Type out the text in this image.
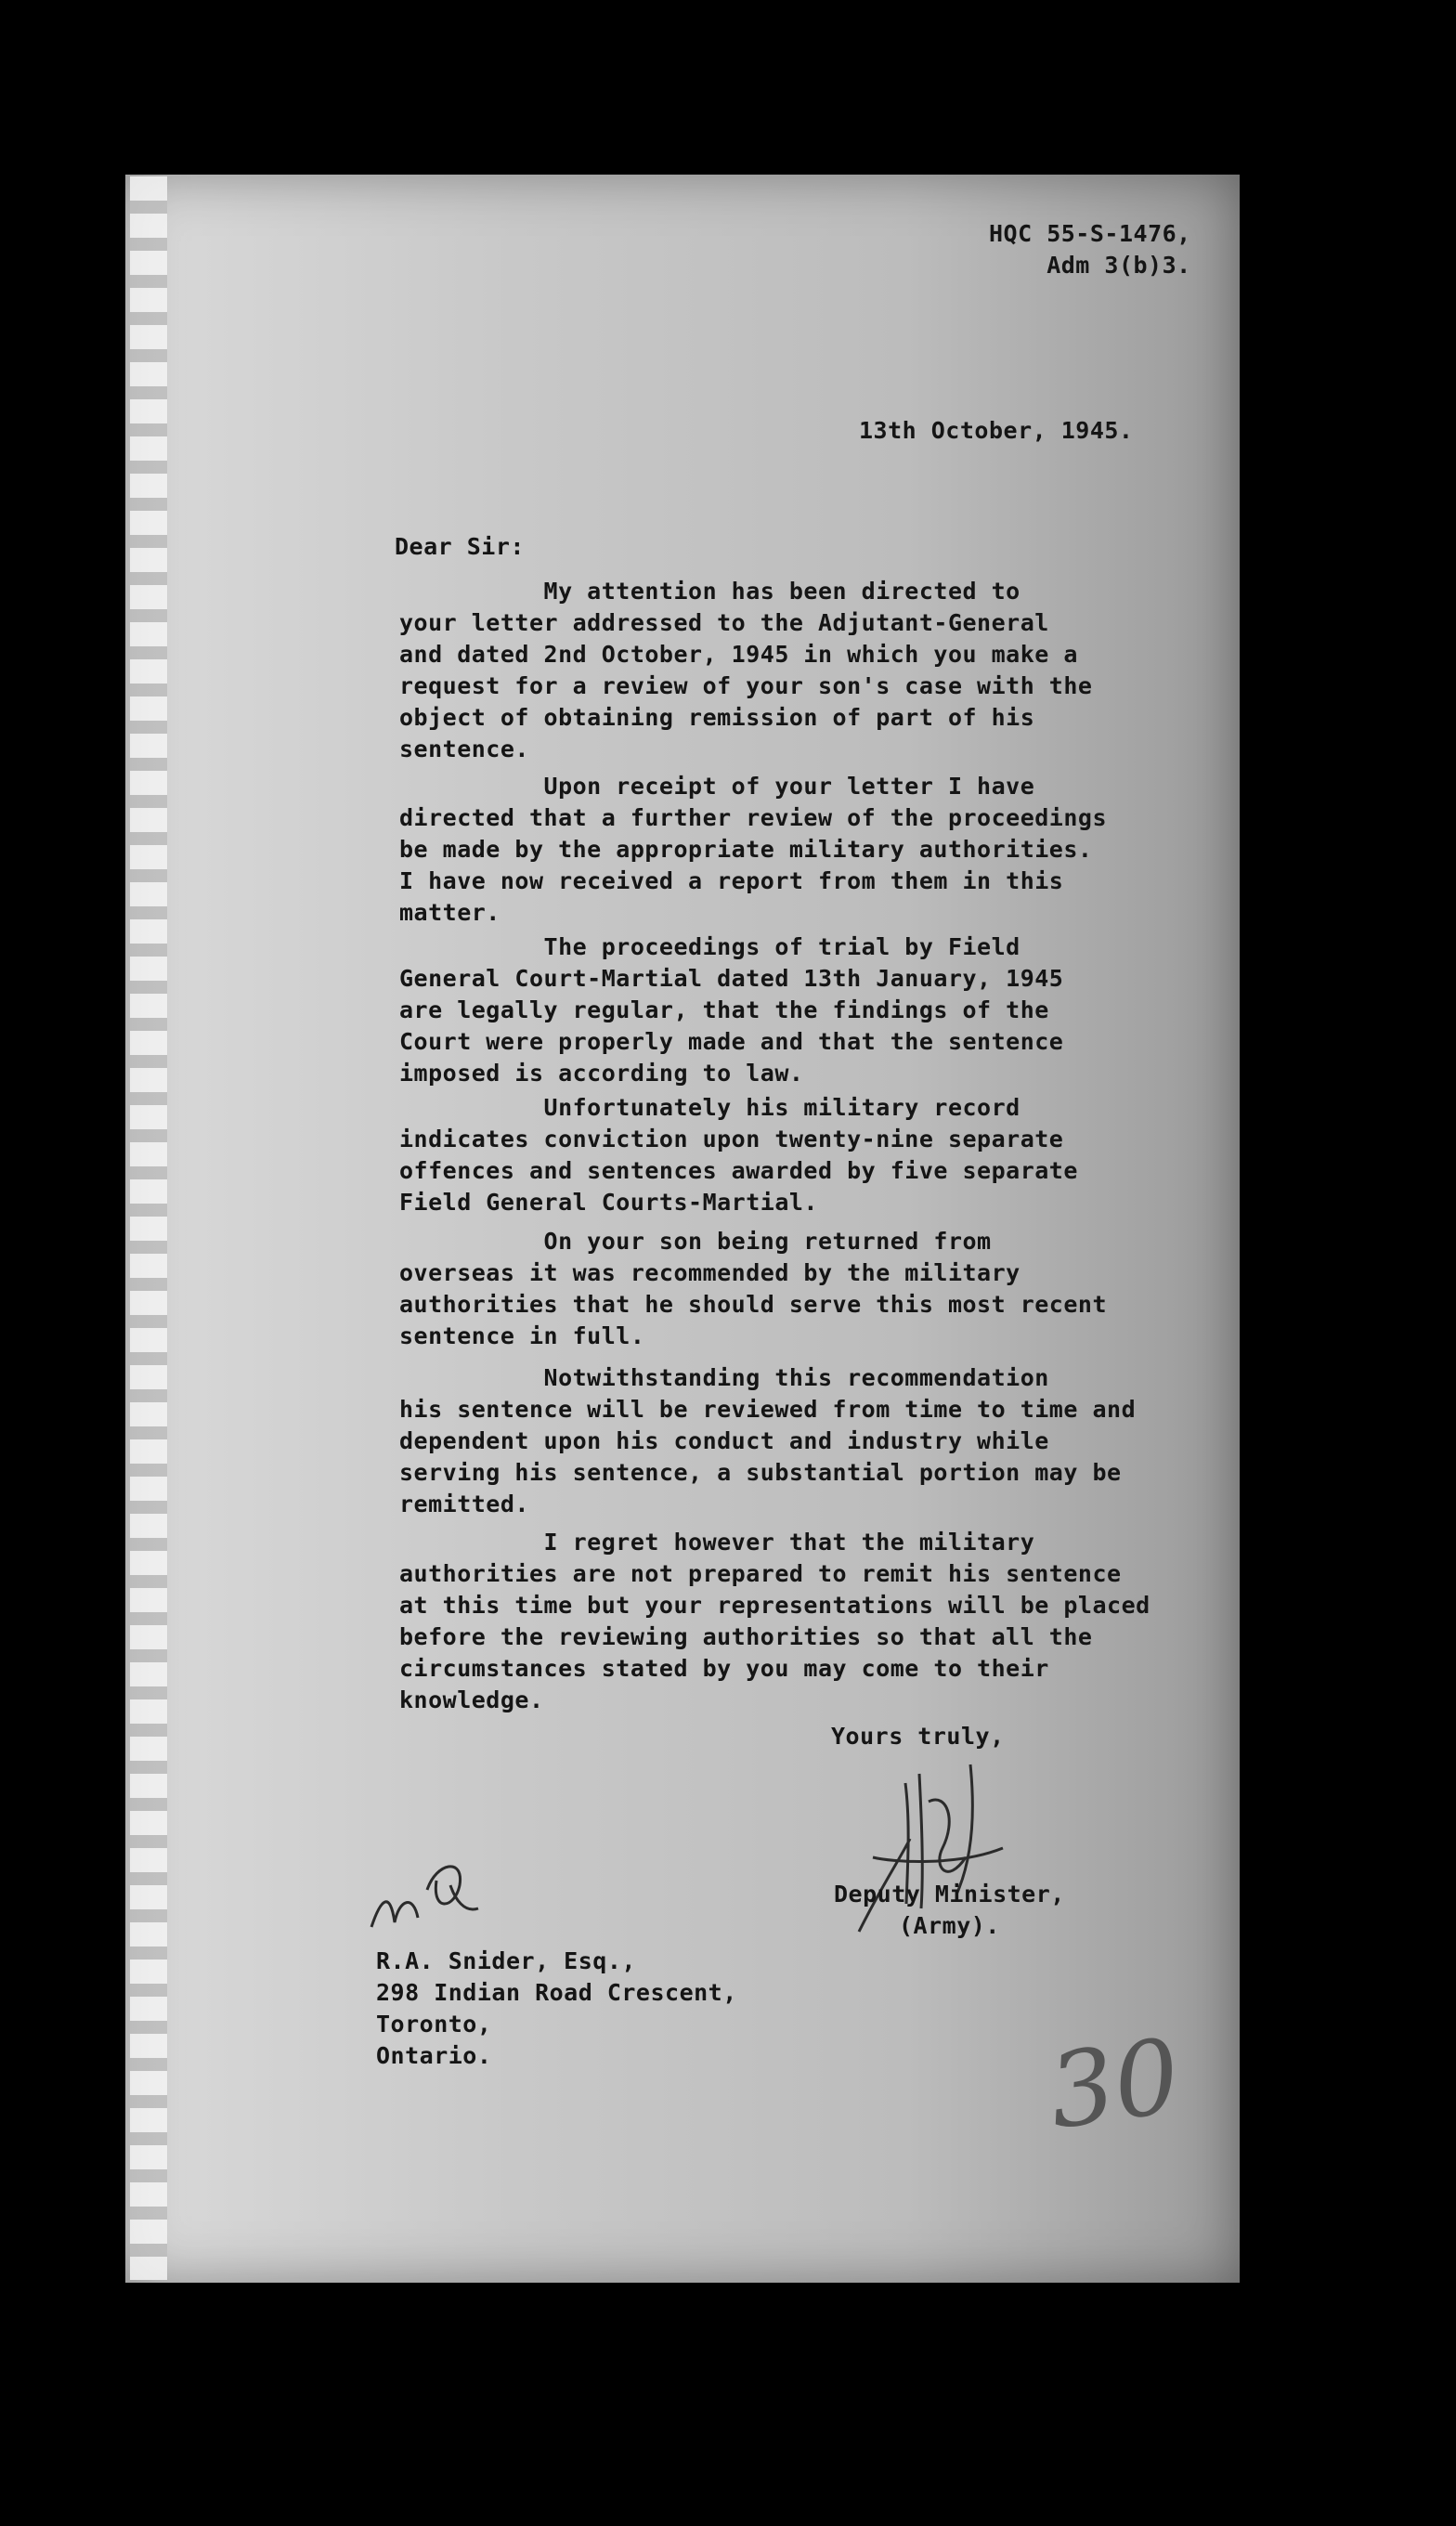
HQC 55-S-1476,
Adm 3(b)3.
13th October, 1945.
Dear Sir:
My attention has been directed to
your letter addressed to the Adjutant-General
and dated 2nd October, 1945 in which you make a
request for a review of your son's case with the
object of obtaining remission of part of his
sentence.
Upon receipt of your letter I have
directed that a further review of the proceedings
be made by the appropriate military authorities.
I have now received a report from them in this
matter.
The proceedings of trial by Field
General Court-Martial dated 13th January, 1945
are legally regular, that the findings of the
Court were properly made and that the sentence
imposed is according to law.
Unfortunately his military record
indicates conviction upon twenty-nine separate
offences and sentences awarded by five separate
Field General Courts-Martial.
On your son being returned from
overseas it was recommended by the military
authorities that he should serve this most recent
sentence in full.
Notwithstanding this recommendation
his sentence will be reviewed from time to time and
dependent upon his conduct and industry while
serving his sentence, a substantial portion may be
remitted.
I regret however that the military
authorities are not prepared to remit his sentence
at this time but your representations will be placed
before the reviewing authorities so that all the
circumstances stated by you may come to their
knowledge.
Yours truly,
Deputy Minister,
(Army).
R.A. Snider, Esq.,
298 Indian Road Crescent,
Toronto,
Ontario.	30
